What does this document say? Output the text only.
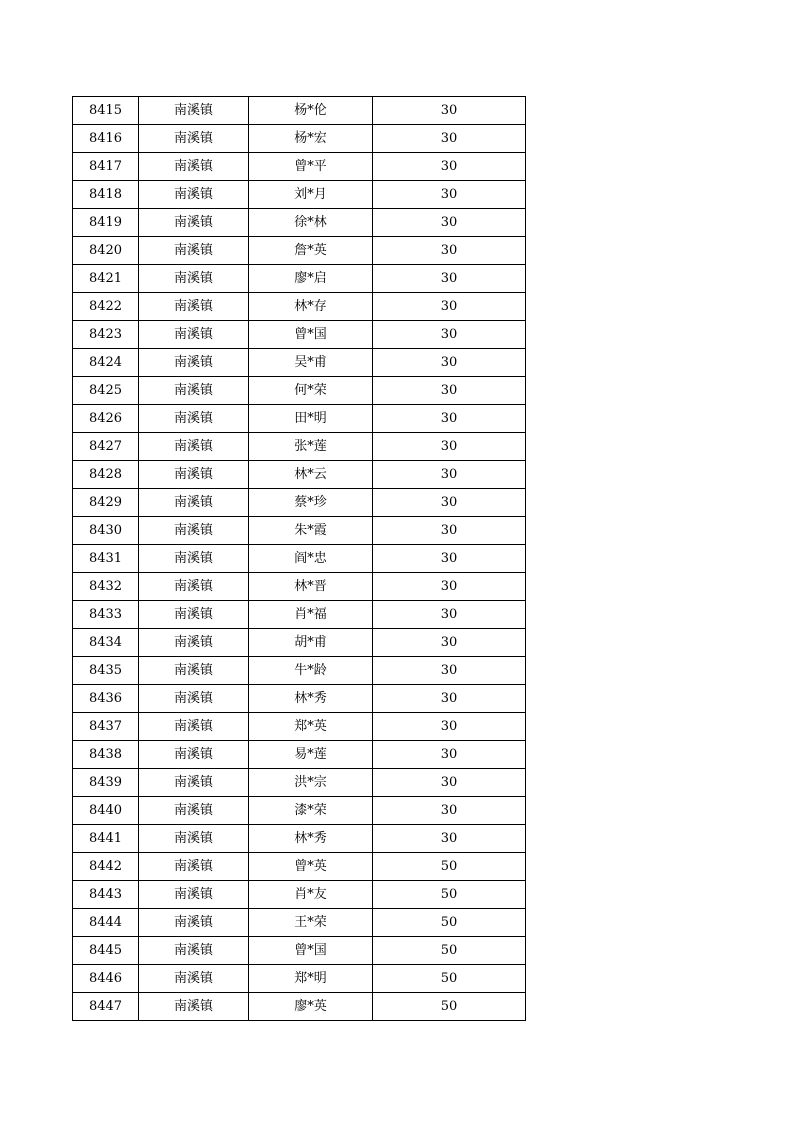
8415	南溪镇	杨*伦	30
8416	南溪镇	杨*宏	30
8417	南溪镇	曾*平	30
8418	南溪镇	刘*月	30
8419	南溪镇	徐*林	30
8420	南溪镇	詹*英	30
8421	南溪镇	廖*启	30
8422	南溪镇	林*存	30
8423	南溪镇	曾*国	30
8424	南溪镇	吴*甫	30
8425	南溪镇	何*荣	30
8426	南溪镇	田*明	30
8427	南溪镇	张*莲	30
8428	南溪镇	林*云	30
8429	南溪镇	蔡*珍	30
8430	南溪镇	朱*霞	30
8431	南溪镇	阎*忠	30
8432	南溪镇	林*晋	30
8433	南溪镇	肖*福	30
8434	南溪镇	胡*甫	30
8435	南溪镇	牛*龄	30
8436	南溪镇	林*秀	30
8437	南溪镇	郑*英	30
8438	南溪镇	易*莲	30
8439	南溪镇	洪*宗	30
8440	南溪镇	漆*荣	30
8441	南溪镇	林*秀	30
8442	南溪镇	曾*英	50
8443	南溪镇	肖*友	50
8444	南溪镇	王*荣	50
8445	南溪镇	曾*国	50
8446	南溪镇	郑*明	50
8447	南溪镇	廖*英	50
